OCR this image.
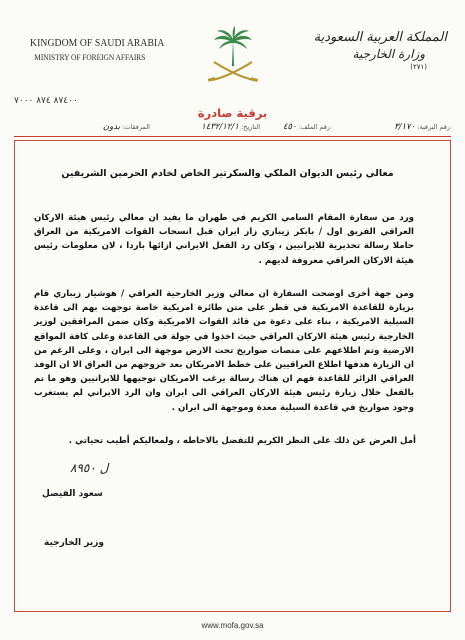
KINGDOM OF SAUDI ARABIA
MINISTRY OF FOREIGN AFFAIRS
المملكة العربية السعودية
وزارة الخارجية
(٢٧١)
٨٧٤٠٠ ٨٧٤ ٧٠٠٠
برقية صادرة
رقم البرقية: ٣/١٧٠
رقم الملف: ٤٥٠
التاريخ: ١٤٣٢/١٢/١
المرفقات: بدون
معالي رئيس الديوان الملكي والسكرتير الخاص لخادم الحرمين الشريفين
ورد من سفارة المقام السامي الكريم في طهران ما يفيد ان معالي رئيس هيئة الاركان العراقي الفريق اول / بابكر زيباري زار ايران قبل انسحاب القوات الامريكية من العراق حاملا رسالة تحذيرية للايرانيين ، وكان رد الفعل الايراني ازائها باردا ، لان معلومات رئيس هيئة الاركان العراقي معروفة لديهم .
ومن جهة أخرى اوضحت السفارة ان معالي وزير الخارجية العراقي / هوشيار زيباري قام بزيارة للقاعدة الامريكية في قطر على متن طائرة امريكية خاصة توجهت بهم الى قاعدة السيلية الامريكية ، بناء على دعوة من قائد القوات الامريكية وكان ضمن المرافقين لوزير الخارجية رئيس هيئة الاركان العراقي حيث اخذوا في جولة في القاعدة وعلى كافة المواقع الارضية وتم اطلاعهم على منصات صواريخ تحت الارض موجهة الى ايران ، وعلى الرغم من ان الزيارة هدفها اطلاع العراقيين على خطط الامريكان بعد خروجهم من العراق الا ان الوفد العراقي الزائر للقاعدة فهم ان هناك رسالة يرغب الامريكان توجيهها للايرانيين وهو ما تم بالفعل خلال زيارة رئيس هيئة الاركان العراقي الى ايران وان الرد الايراني لم يستغرب وجود صواريخ في قاعدة السيلية معدة وموجهة الى ايران .
أمل العرض عن ذلك على النظر الكريم للتفضل بالاحاطه ، ولمعاليكم أطيب تحياتي .
ل ٨٩٥٠
سعود الفيصل
وزير الخارجية
www.mofa.gov.sa
